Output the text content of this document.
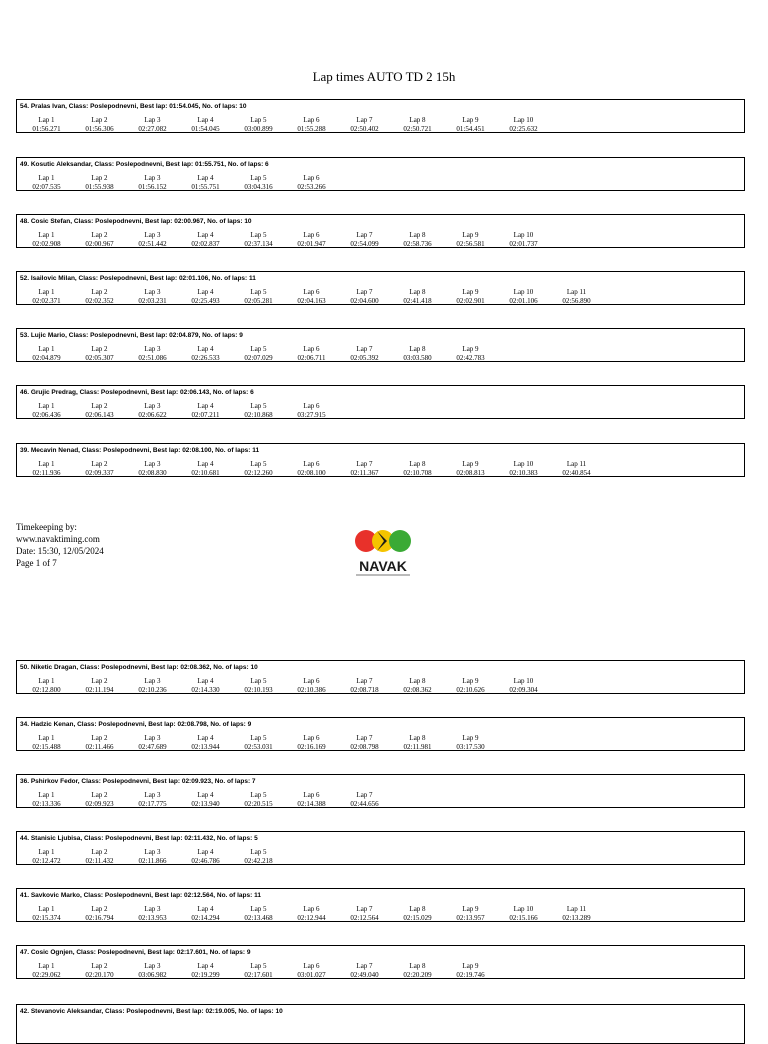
Lap times AUTO TD 2 15h
54. Pralas Ivan, Class: Poslepodnevni, Best lap: 01:54.045, No. of laps: 10
Lap 1
01:56.271
Lap 2
01:56.306
Lap 3
02:27.082
Lap 4
01:54.045
Lap 5
03:00.899
Lap 6
01:55.288
Lap 7
02:50.402
Lap 8
02:50.721
Lap 9
01:54.451
Lap 10
02:25.632
49. Kosutic Aleksandar, Class: Poslepodnevni, Best lap: 01:55.751, No. of laps: 6
Lap 1
02:07.535
Lap 2
01:55.938
Lap 3
01:56.152
Lap 4
01:55.751
Lap 5
03:04.316
Lap 6
02:53.266
48. Cosic Stefan, Class: Poslepodnevni, Best lap: 02:00.967, No. of laps: 10
Lap 1
02:02.908
Lap 2
02:00.967
Lap 3
02:51.442
Lap 4
02:02.837
Lap 5
02:37.134
Lap 6
02:01.947
Lap 7
02:54.099
Lap 8
02:58.736
Lap 9
02:56.581
Lap 10
02:01.737
52. Isailovic Milan, Class: Poslepodnevni, Best lap: 02:01.106, No. of laps: 11
Lap 1
02:02.371
Lap 2
02:02.352
Lap 3
02:03.231
Lap 4
02:25.493
Lap 5
02:05.281
Lap 6
02:04.163
Lap 7
02:04.600
Lap 8
02:41.418
Lap 9
02:02.901
Lap 10
02:01.106
Lap 11
02:56.890
53. Lujic Mario, Class: Poslepodnevni, Best lap: 02:04.879, No. of laps: 9
Lap 1
02:04.879
Lap 2
02:05.307
Lap 3
02:51.086
Lap 4
02:26.533
Lap 5
02:07.029
Lap 6
02:06.711
Lap 7
02:05.392
Lap 8
03:03.580
Lap 9
02:42.783
46. Grujic Predrag, Class: Poslepodnevni, Best lap: 02:06.143, No. of laps: 6
Lap 1
02:06.436
Lap 2
02:06.143
Lap 3
02:06.622
Lap 4
02:07.211
Lap 5
02:10.868
Lap 6
03:27.915
39. Mecavin Nenad, Class: Poslepodnevni, Best lap: 02:08.100, No. of laps: 11
Lap 1
02:11.936
Lap 2
02:09.337
Lap 3
02:08.830
Lap 4
02:10.681
Lap 5
02:12.260
Lap 6
02:08.100
Lap 7
02:11.367
Lap 8
02:10.708
Lap 9
02:08.813
Lap 10
02:10.383
Lap 11
02:40.854
50. Niketic Dragan, Class: Poslepodnevni, Best lap: 02:08.362, No. of laps: 10
Lap 1
02:12.800
Lap 2
02:11.194
Lap 3
02:10.236
Lap 4
02:14.330
Lap 5
02:10.193
Lap 6
02:10.386
Lap 7
02:08.718
Lap 8
02:08.362
Lap 9
02:10.626
Lap 10
02:09.304
34. Hadzic Kenan, Class: Poslepodnevni, Best lap: 02:08.798, No. of laps: 9
Lap 1
02:15.488
Lap 2
02:11.466
Lap 3
02:47.689
Lap 4
02:13.944
Lap 5
02:53.031
Lap 6
02:16.169
Lap 7
02:08.798
Lap 8
02:11.981
Lap 9
03:17.530
36. Pshirkov Fedor, Class: Poslepodnevni, Best lap: 02:09.923, No. of laps: 7
Lap 1
02:13.336
Lap 2
02:09.923
Lap 3
02:17.775
Lap 4
02:13.940
Lap 5
02:20.515
Lap 6
02:14.388
Lap 7
02:44.656
44. Stanisic Ljubisa, Class: Poslepodnevni, Best lap: 02:11.432, No. of laps: 5
Lap 1
02:12.472
Lap 2
02:11.432
Lap 3
02:11.866
Lap 4
02:46.786
Lap 5
02:42.218
41. Savkovic Marko, Class: Poslepodnevni, Best lap: 02:12.564, No. of laps: 11
Lap 1
02:15.374
Lap 2
02:16.794
Lap 3
02:13.953
Lap 4
02:14.294
Lap 5
02:13.468
Lap 6
02:12.944
Lap 7
02:12.564
Lap 8
02:15.029
Lap 9
02:13.957
Lap 10
02:15.166
Lap 11
02:13.289
47. Cosic Ognjen, Class: Poslepodnevni, Best lap: 02:17.601, No. of laps: 9
Lap 1
02:29.062
Lap 2
02:20.170
Lap 3
03:06.982
Lap 4
02:19.299
Lap 5
02:17.601
Lap 6
03:01.027
Lap 7
02:49.040
Lap 8
02:20.209
Lap 9
02:19.746
Timekeeping by:
www.navaktiming.com
Date: 15:30, 12/05/2024
Page 1 of 7	NAVAK
42. Stevanovic Aleksandar, Class: Poslepodnevni, Best lap: 02:19.005, No. of laps: 10
